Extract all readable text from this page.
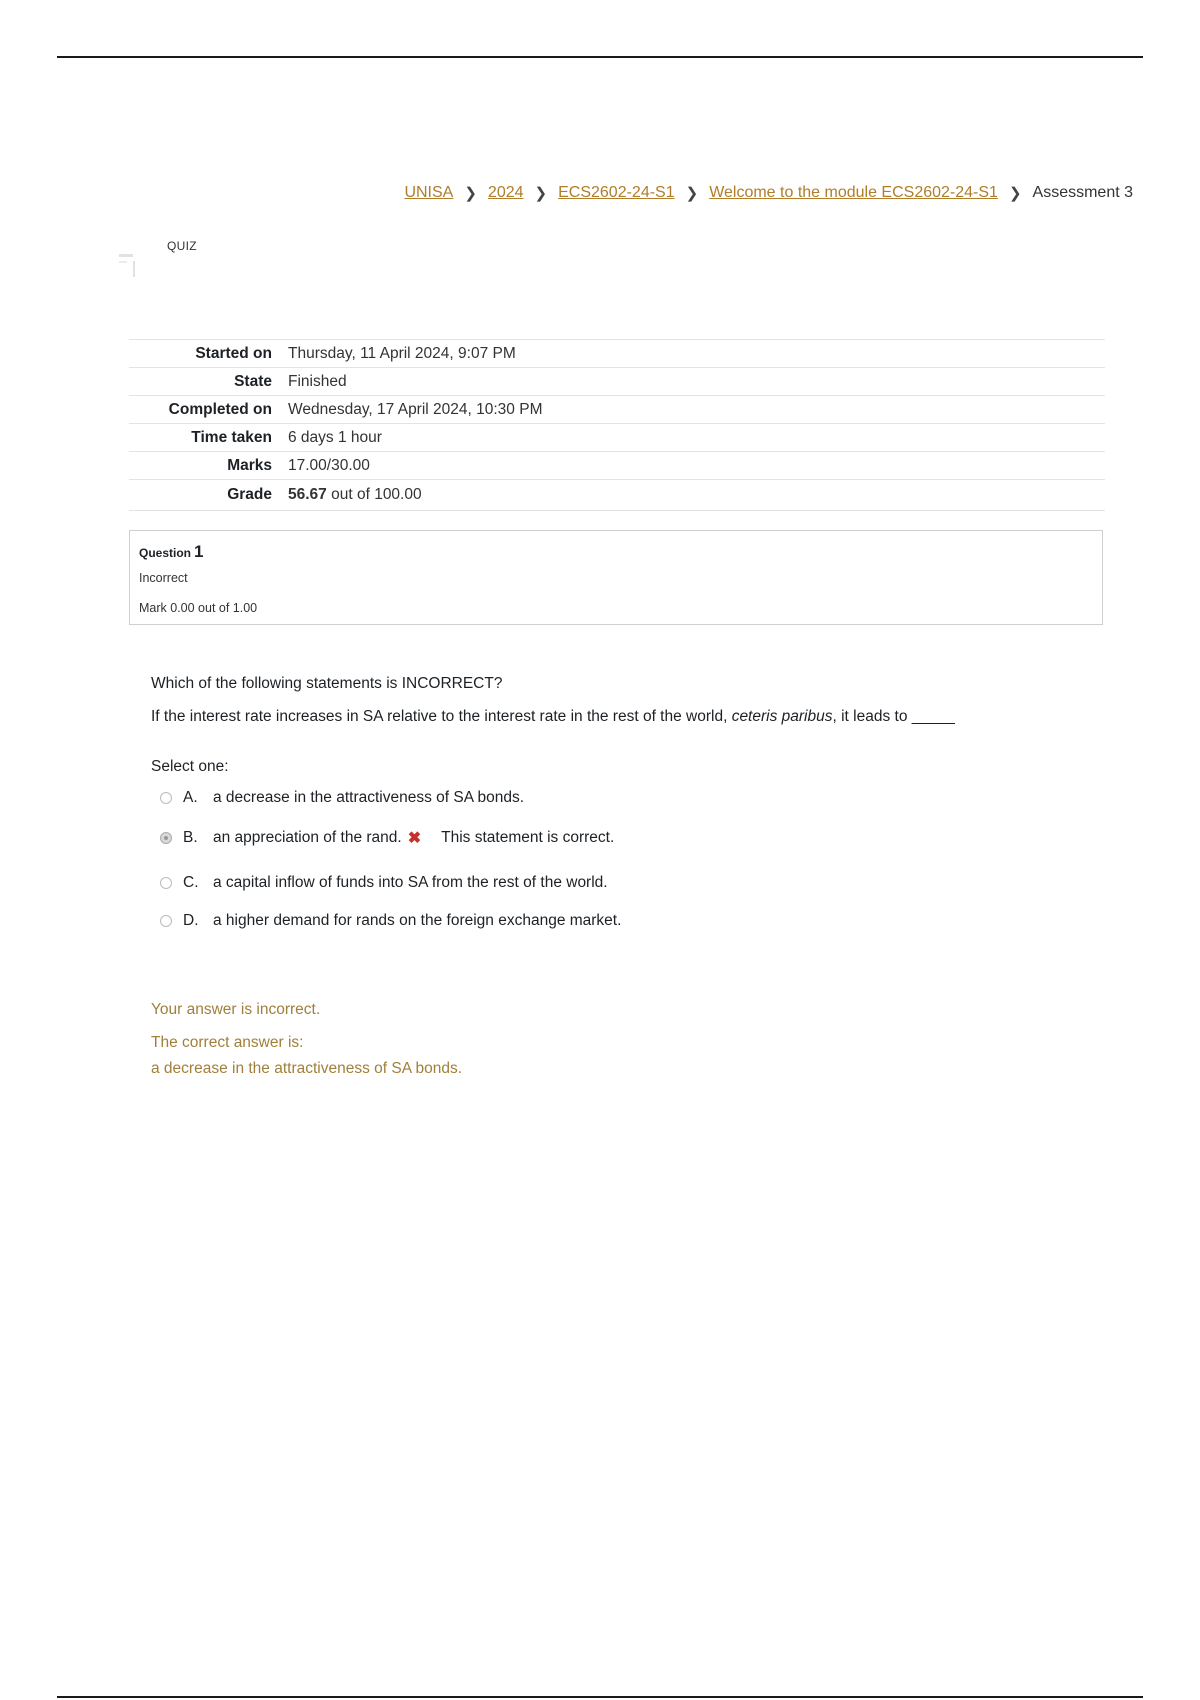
UNISA ❯ 2024 ❯ ECS2602-24-S1 ❯ Welcome to the module ECS2602-24-S1 ❯ Assessment 3
QUIZ
Started on	Thursday, 11 April 2024, 9:07 PM
State	Finished
Completed on	Wednesday, 17 April 2024, 10:30 PM
Time taken	6 days 1 hour
Marks	17.00/30.00
Grade	56.67 out of 100.00
Question 1
Incorrect
Mark 0.00 out of 1.00
Which of the following statements is INCORRECT?
If the interest rate increases in SA relative to the interest rate in the rest of the world, ceteris paribus, it leads to _____
Select one:
A. a decrease in the attractiveness of SA bonds.
B. an appreciation of the rand. ✖ This statement is correct.
C. a capital inflow of funds into SA from the rest of the world.
D. a higher demand for rands on the foreign exchange market.
Your answer is incorrect.
The correct answer is:
a decrease in the attractiveness of SA bonds.
